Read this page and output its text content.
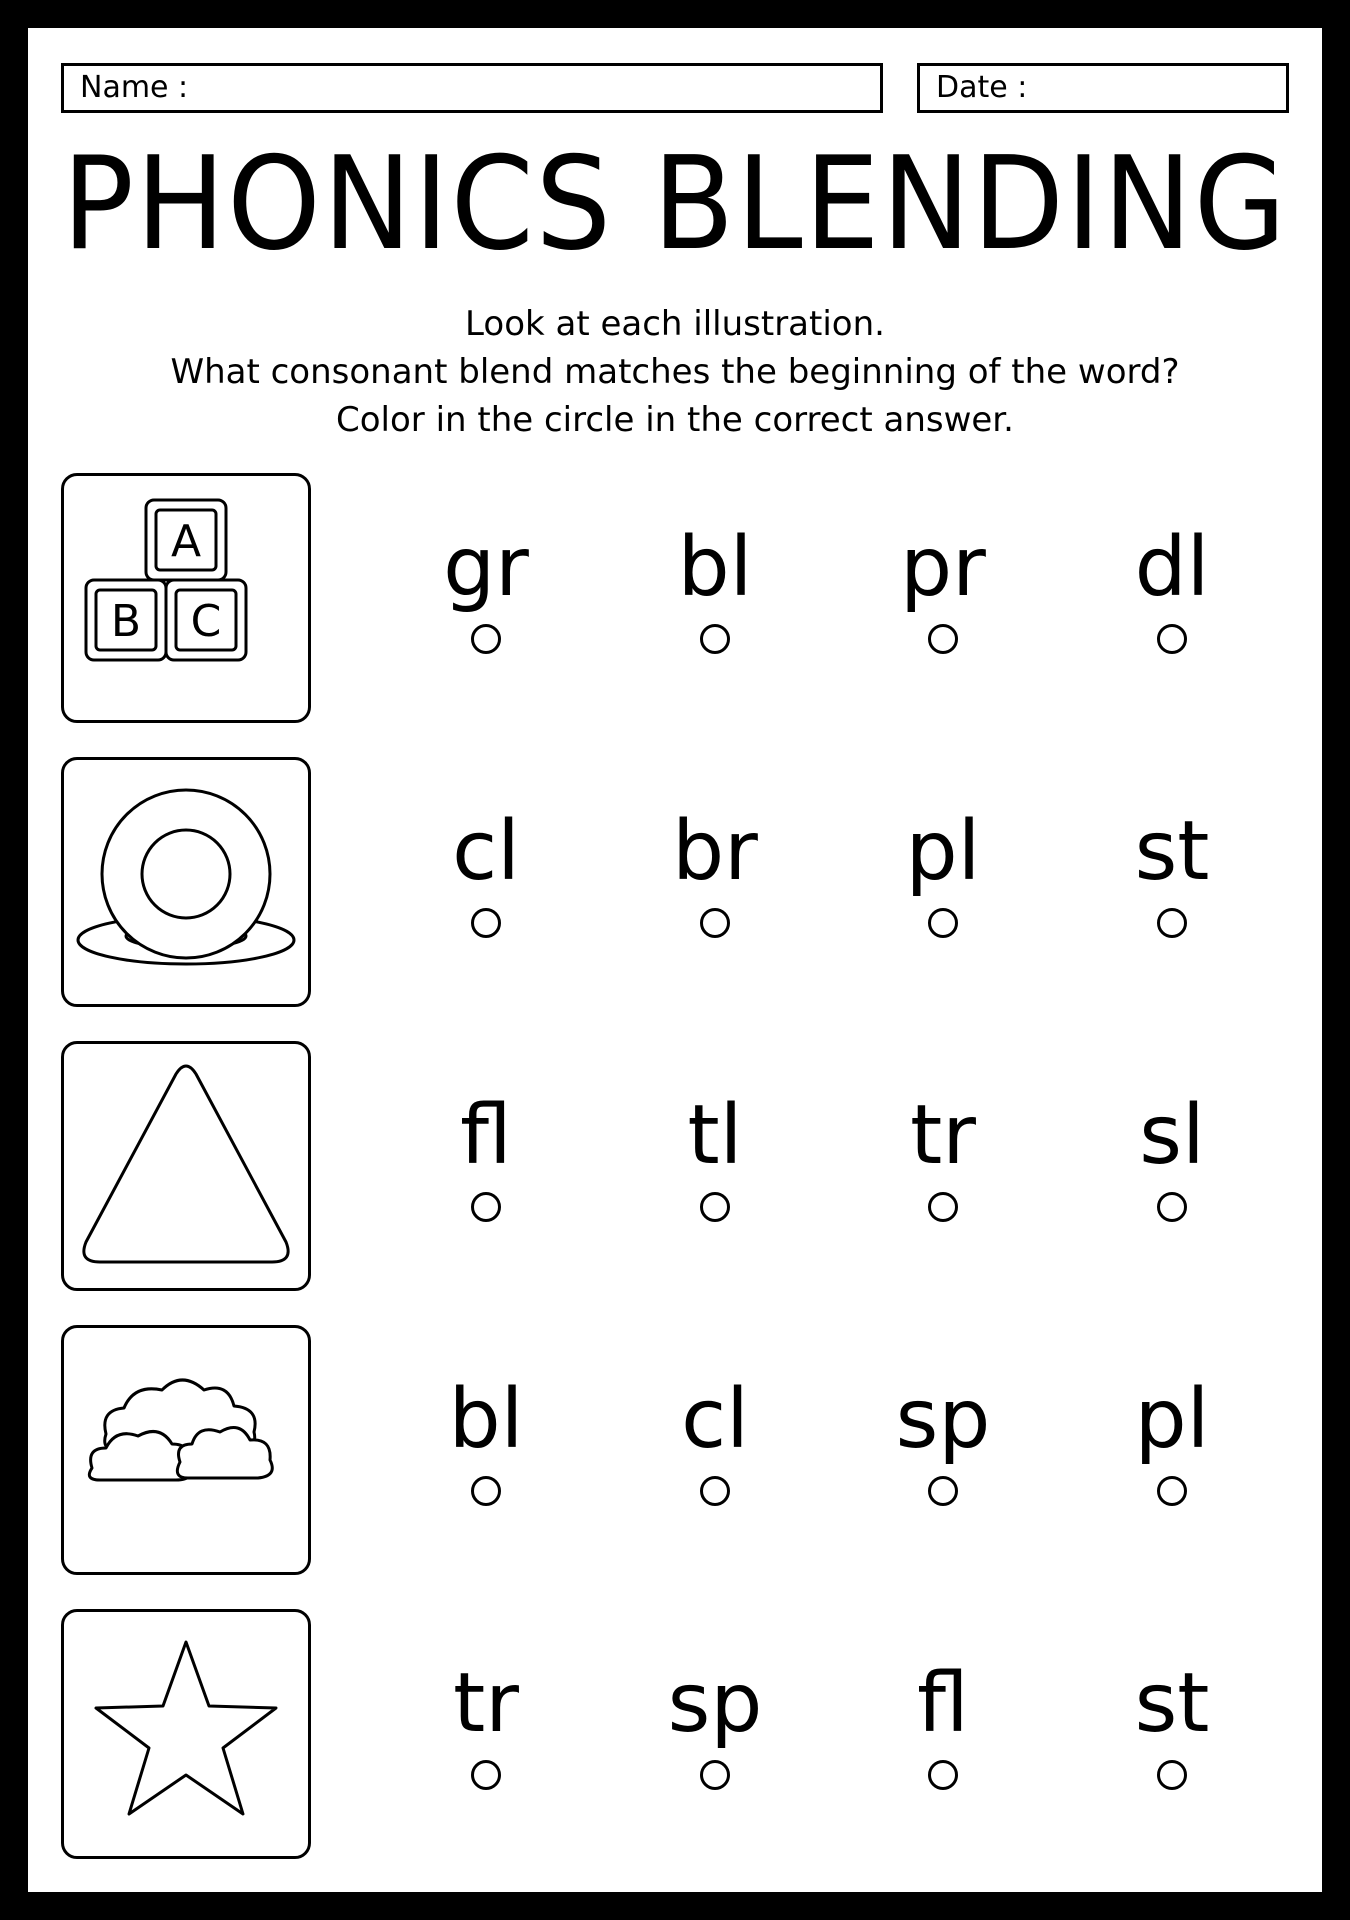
Name :	Date :
PHONICS BLENDING
Look at each illustration.
What consonant blend matches the beginning of the word?
Color in the circle in the correct answer.
A
B C
gr	bl	pr	dl
cl	br	pl	st
fl	tl	tr	sl
bl	cl	sp	pl
tr	sp	fl	st
